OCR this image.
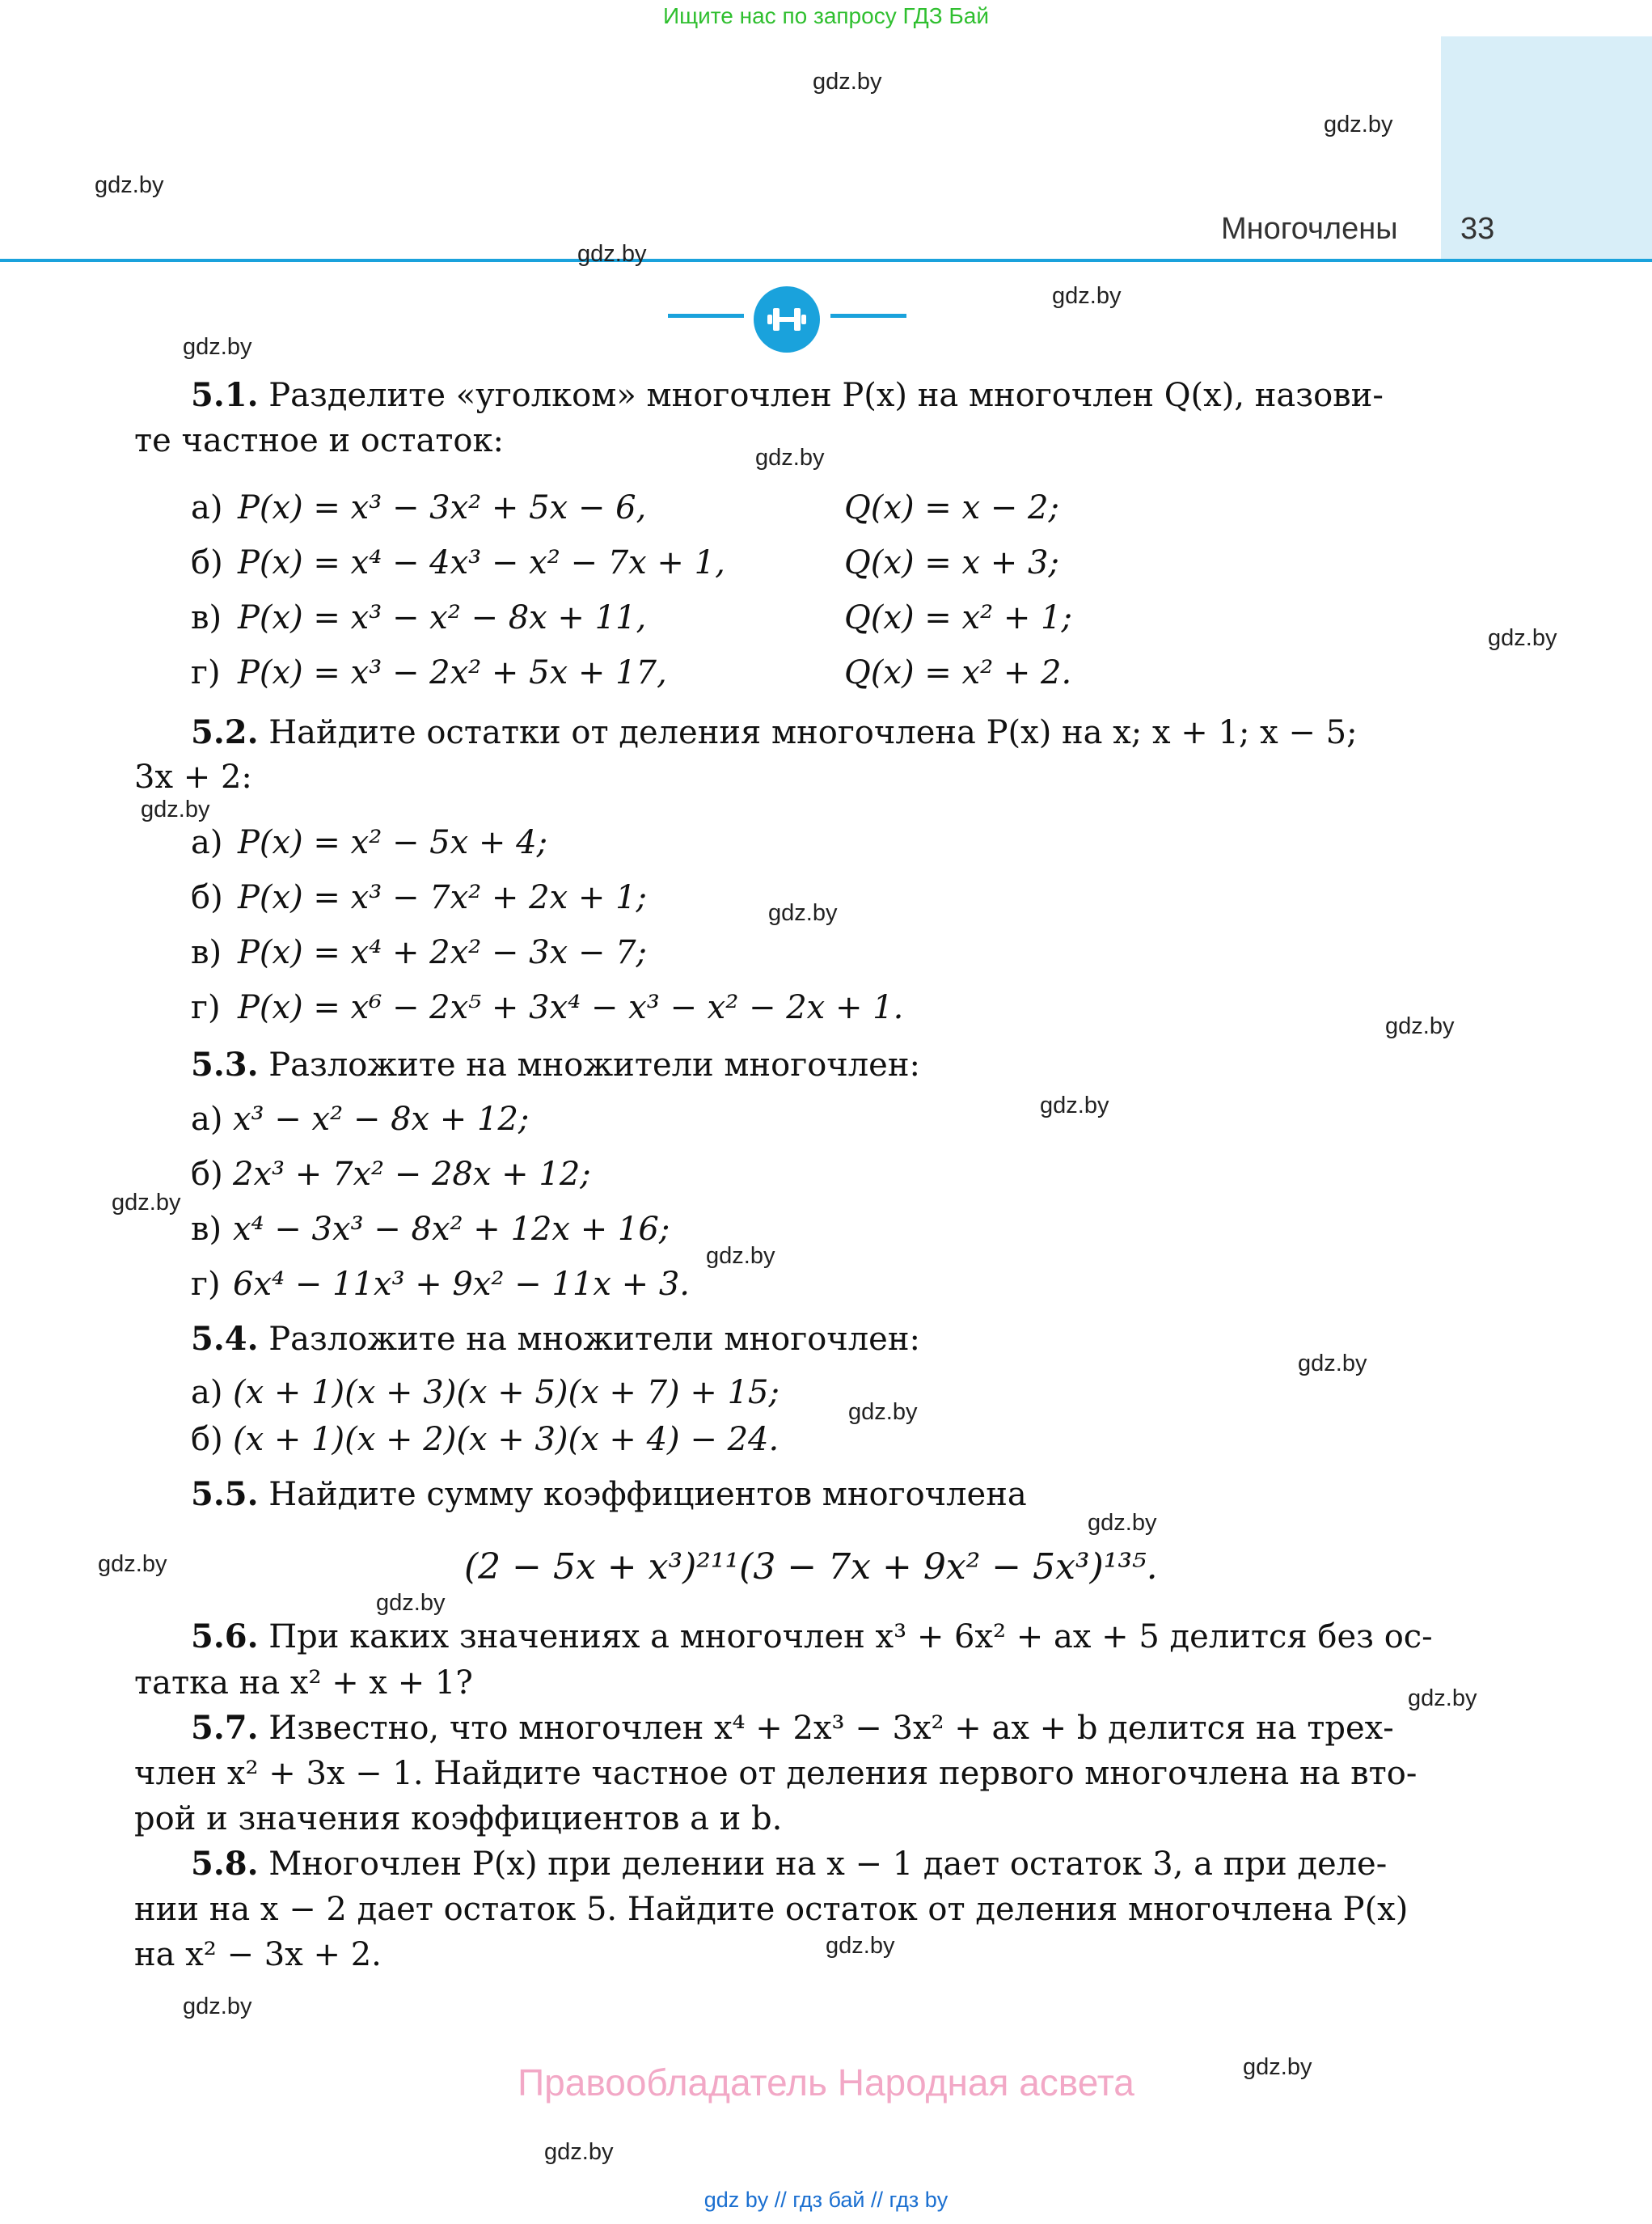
Ищите нас по запросу ГДЗ Бай
Многочлены 33
gdz.by
gdz.by
gdz.by
gdz.by
gdz.by
gdz.by
gdz.by
gdz.by
gdz.by
gdz.by
gdz.by
gdz.by
gdz.by
gdz.by
gdz.by
gdz.by
gdz.by
gdz.by
gdz.by
gdz.by
gdz.by
gdz.by
gdz.by
gdz.by
5.1. Разделите «уголком» многочлен P(x) на многочлен Q(x), назови-
те частное и остаток:
а) P(x) = x³ − 3x² + 5x − 6,	Q(x) = x − 2;
б) P(x) = x⁴ − 4x³ − x² − 7x + 1,	Q(x) = x + 3;
в) P(x) = x³ − x² − 8x + 11,	Q(x) = x² + 1;
г) P(x) = x³ − 2x² + 5x + 17,	Q(x) = x² + 2.
5.2. Найдите остатки от деления многочлена P(x) на x; x + 1; x − 5;
3x + 2:
а) P(x) = x² − 5x + 4;
б) P(x) = x³ − 7x² + 2x + 1;
в) P(x) = x⁴ + 2x² − 3x − 7;
г) P(x) = x⁶ − 2x⁵ + 3x⁴ − x³ − x² − 2x + 1.
5.3. Разложите на множители многочлен:
а) x³ − x² − 8x + 12;
б) 2x³ + 7x² − 28x + 12;
в) x⁴ − 3x³ − 8x² + 12x + 16;
г) 6x⁴ − 11x³ + 9x² − 11x + 3.
5.4. Разложите на множители многочлен:
а) (x + 1)(x + 3)(x + 5)(x + 7) + 15;
б) (x + 1)(x + 2)(x + 3)(x + 4) − 24.
5.5. Найдите сумму коэффициентов многочлена
(2 − 5x + x³)²¹¹(3 − 7x + 9x² − 5x³)¹³⁵.
5.6. При каких значениях a многочлен x³ + 6x² + ax + 5 делится без ос-
татка на x² + x + 1?
5.7. Известно, что многочлен x⁴ + 2x³ − 3x² + ax + b делится на трех-
член x² + 3x − 1. Найдите частное от деления первого многочлена на вто-
рой и значения коэффициентов a и b.
5.8. Многочлен P(x) при делении на x − 1 дает остаток 3, а при деле-
нии на x − 2 дает остаток 5. Найдите остаток от деления многочлена P(x)
на x² − 3x + 2.
Правообладатель Народная асвета
gdz by // гдз бай // гдз by
